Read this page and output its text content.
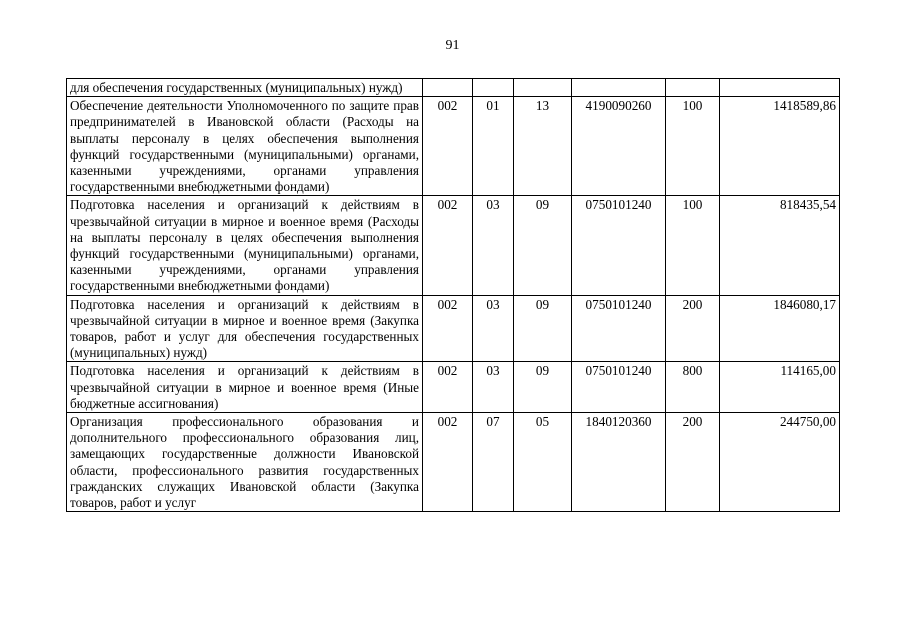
91
для обеспечения государственных (муниципальных) нужд)						
Обеспечение деятельности Уполномоченного по защите прав предпринимателей в Ивановской области (Расходы на выплаты персоналу в целях обеспечения выполнения функций государственными (муниципальными) органами, казенными учреждениями, органами управления государственными внебюджетными фондами)	002	01	13	4190090260	100	1418589,86
Подготовка населения и организаций к действиям в чрезвычайной ситуации в мирное и военное время (Расходы на выплаты персоналу в целях обеспечения выполнения функций государственными (муниципальными) органами, казенными учреждениями, органами управления государственными внебюджетными фондами)	002	03	09	0750101240	100	818435,54
Подготовка населения и организаций к действиям в чрезвычайной ситуации в мирное и военное время (Закупка товаров, работ и услуг для обеспечения государственных (муниципальных) нужд)	002	03	09	0750101240	200	1846080,17
Подготовка населения и организаций к действиям в чрезвычайной ситуации в мирное и военное время (Иные бюджетные ассигнования)	002	03	09	0750101240	800	114165,00
Организация профессионального образования и дополнительного профессионального образования лиц, замещающих государственные должности Ивановской области, профессионального развития государственных гражданских служащих Ивановской области (Закупка товаров, работ и услуг	002	07	05	1840120360	200	244750,00
